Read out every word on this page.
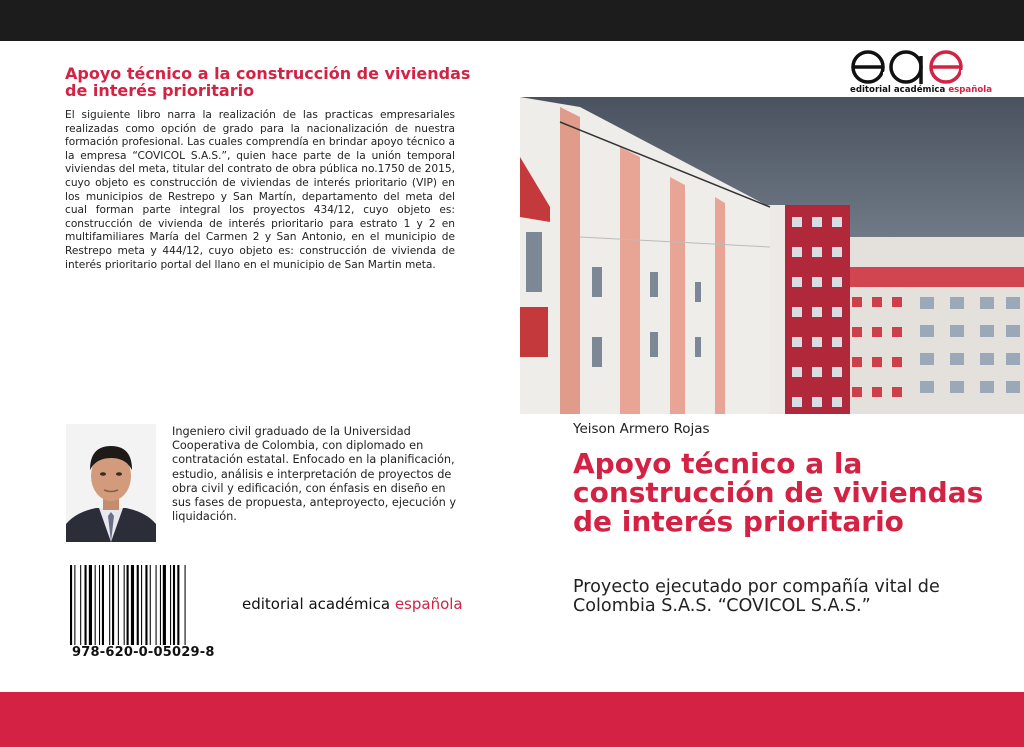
Apoyo técnico a la construcción de viviendas de interés prioritario
El siguiente libro narra la realización de las practicas empresariales realizadas como opción de grado para la nacionalización de nuestra formación profesional. Las cuales comprendía en brindar apoyo técnico a la empresa “COVICOL S.A.S.”, quien hace parte de la unión temporal viviendas del meta, titular del contrato de obra pública no.1750 de 2015, cuyo objeto es construcción de viviendas de interés prioritario (VIP) en los municipios de Restrepo y San Martín, departamento del meta del cual forman parte integral los proyectos 434/12, cuyo objeto es: construcción de vivienda de interés prioritario para estrato 1 y 2 en multifamiliares María del Carmen 2 y San Antonio, en el municipio de Restrepo meta y 444/12, cuyo objeto es: construcción de vivienda de interés prioritario portal del llano en el municipio de San Martin meta.
Ingeniero civil graduado de la Universidad Cooperativa de Colombia, con diplomado en contratación estatal. Enfocado en la planificación, estudio, análisis e interpretación de proyectos de obra civil y edificación, con énfasis en diseño en sus fases de propuesta, anteproyecto, ejecución y liquidación.
978-620-0-05029-8
editorial académica española
editorial académica española
Yeison Armero Rojas
Apoyo técnico a la construcción de viviendas de interés prioritario
Proyecto ejecutado por compañía vital de Colombia S.A.S. “COVICOL S.A.S.”
